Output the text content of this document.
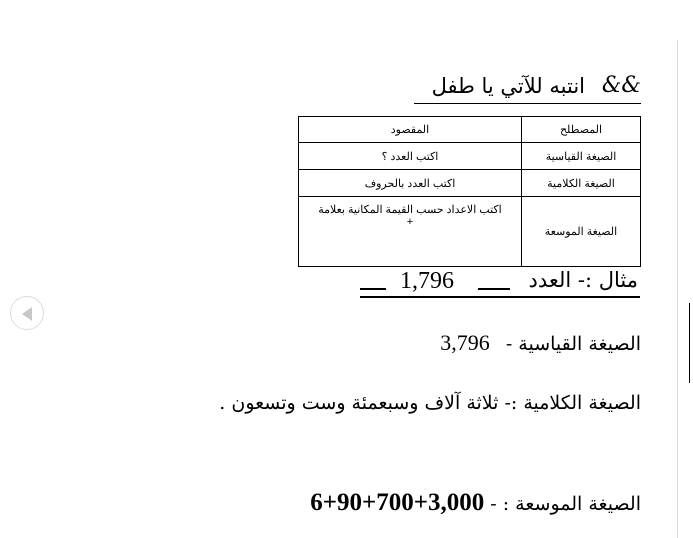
&&
انتبه للآتي يا طفل
المصطلح	المقصود
الصيغة القياسية	اكتب العدد ؟
الصيغة الكلامية	اكتب العدد بالحروف
الصيغة الموسعة	اكتب الاعداد حسب القيمة المكانية بعلامة
+
مثال :- العدد
1,796
الصيغة القياسية - 3,796
الصيغة الكلامية :- ثلاثة آلاف وسبعمئة وست وتسعون .
الصيغة الموسعة : - 6+90+700+3,000
